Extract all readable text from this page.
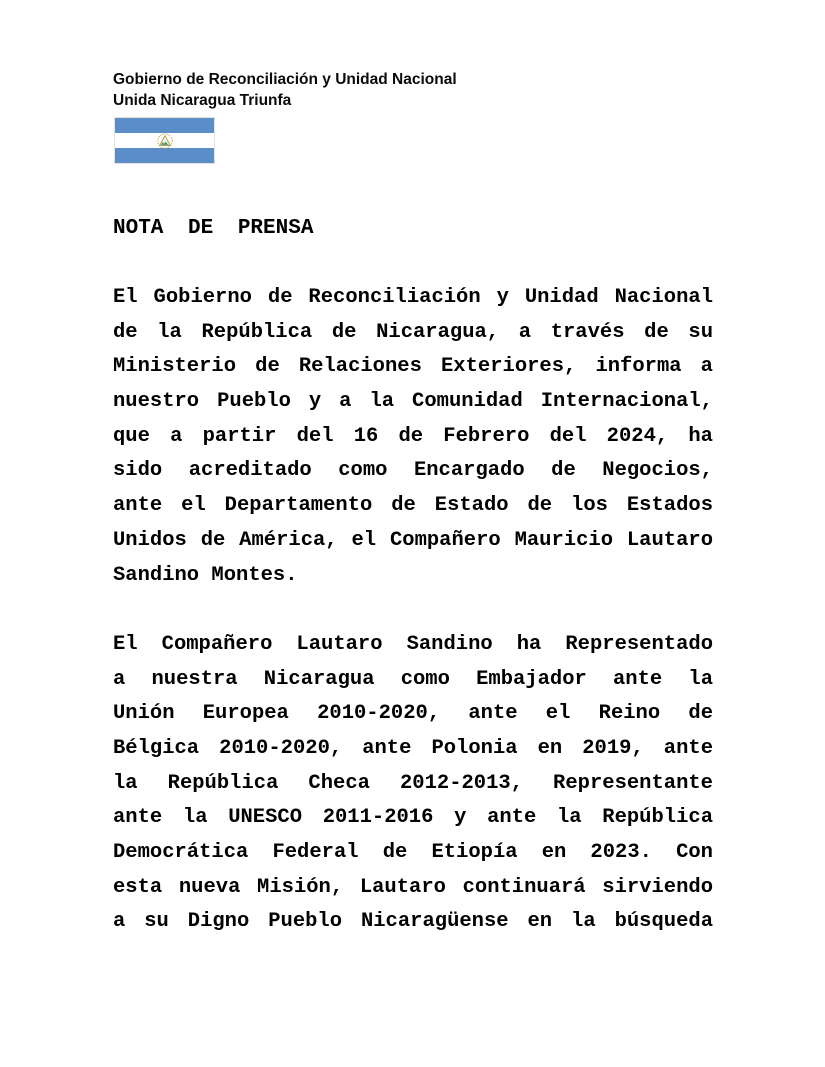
Gobierno de Reconciliación y Unidad Nacional
Unida Nicaragua Triunfa
NOTA DE PRENSA
El Gobierno de Reconciliación y Unidad Nacional
de la República de Nicaragua, a través de su
Ministerio de Relaciones Exteriores, informa a
nuestro Pueblo y a la Comunidad Internacional,
que a partir del 16 de Febrero del 2024, ha
sido acreditado como Encargado de Negocios,
ante el Departamento de Estado de los Estados
Unidos de América, el Compañero Mauricio Lautaro
Sandino Montes.
El Compañero Lautaro Sandino ha Representado
a nuestra Nicaragua como Embajador ante la
Unión Europea 2010-2020, ante el Reino de
Bélgica 2010-2020, ante Polonia en 2019, ante
la República Checa 2012-2013, Representante
ante la UNESCO 2011-2016 y ante la República
Democrática Federal de Etiopía en 2023. Con
esta nueva Misión, Lautaro continuará sirviendo
a su Digno Pueblo Nicaragüense en la búsqueda
